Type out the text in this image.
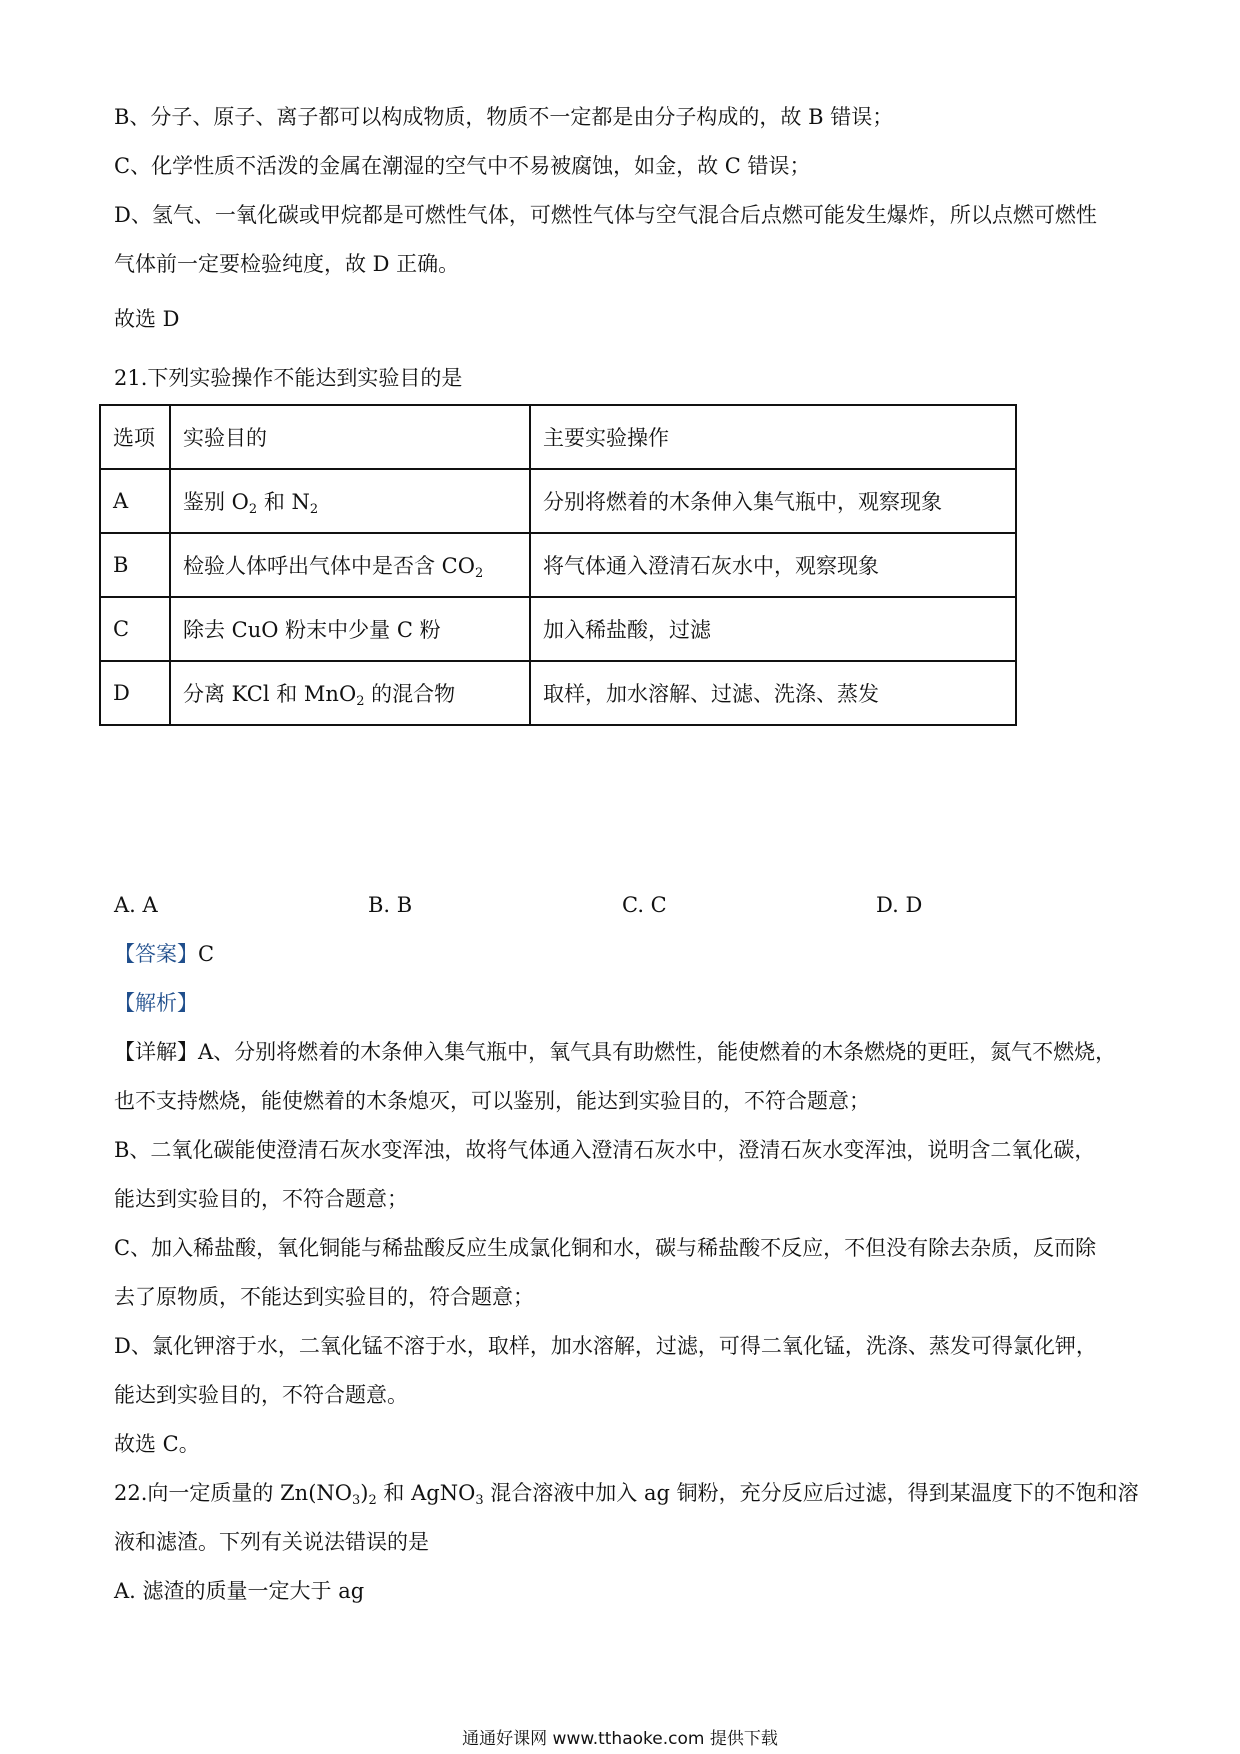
B、分子、原子、离子都可以构成物质，物质不一定都是由分子构成的，故 B 错误；
C、化学性质不活泼的金属在潮湿的空气中不易被腐蚀，如金，故 C 错误；
D、氢气、一氧化碳或甲烷都是可燃性气体，可燃性气体与空气混合后点燃可能发生爆炸，所以点燃可燃性
气体前一定要检验纯度，故 D 正确。
故选 D
21.下列实验操作不能达到实验目的是
选项	实验目的	主要实验操作
A	鉴别 $O_2$ 和 $N_2$	分别将燃着的木条伸入集气瓶中，观察现象
B	检验人体呼出气体中是否含 $CO_2$	将气体通入澄清石灰水中，观察现象
C	除去 CuO 粉末中少量 C 粉	加入稀盐酸，过滤
D	分离 KCl 和 MnO$_2$ 的混合物	取样，加水溶解、过滤、洗涤、蒸发
A. A	B. B	C. C	D. D
【答案】C
【解析】
【详解】A、分别将燃着的木条伸入集气瓶中，氧气具有助燃性，能使燃着的木条燃烧的更旺，氮气不燃烧，
也不支持燃烧，能使燃着的木条熄灭，可以鉴别，能达到实验目的，不符合题意；
B、二氧化碳能使澄清石灰水变浑浊，故将气体通入澄清石灰水中，澄清石灰水变浑浊，说明含二氧化碳，
能达到实验目的，不符合题意；
C、加入稀盐酸，氧化铜能与稀盐酸反应生成氯化铜和水，碳与稀盐酸不反应，不但没有除去杂质，反而除
去了原物质，不能达到实验目的，符合题意；
D、氯化钾溶于水，二氧化锰不溶于水，取样，加水溶解，过滤，可得二氧化锰，洗涤、蒸发可得氯化钾，
能达到实验目的，不符合题意。
故选 C。
22.向一定质量的 $Zn(NO_3)_2$ 和 AgNO$_3$ 混合溶液中加入 ag 铜粉，充分反应后过滤，得到某温度下的不饱和溶
液和滤渣。下列有关说法错误的是
A. 滤渣的质量一定大于 ag
通通好课网 www.tthaoke.com 提供下载
